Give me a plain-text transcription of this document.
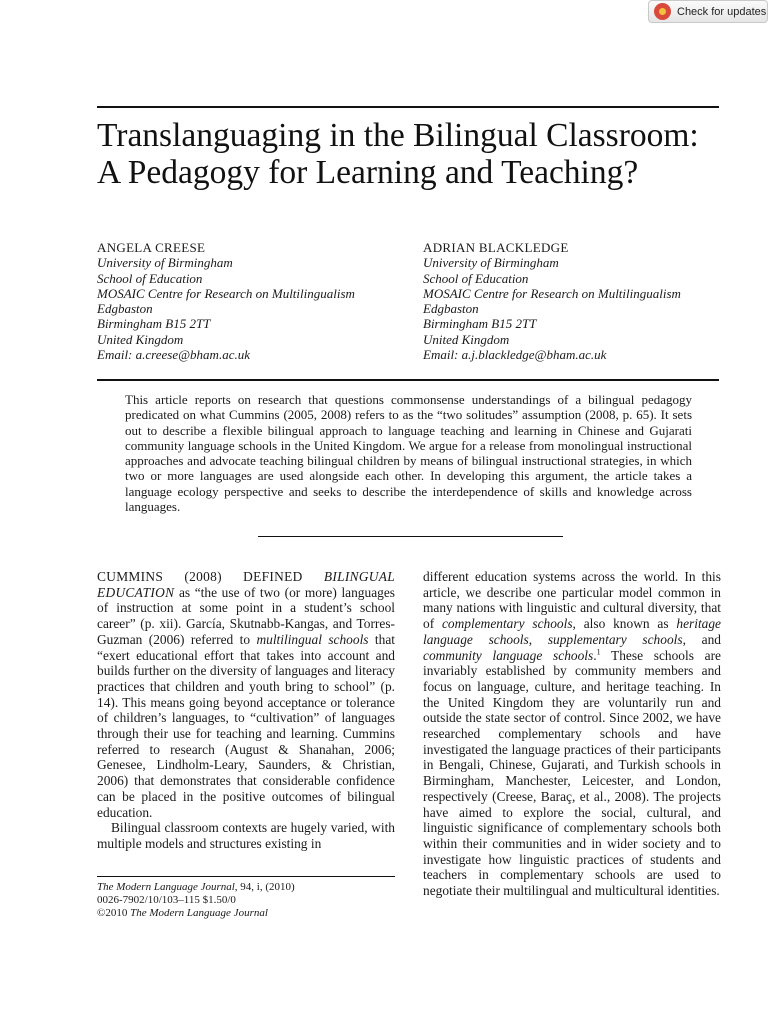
Check for updates
Translanguaging in the Bilingual Classroom: A Pedagogy for Learning and Teaching?
ANGELA CREESE
University of Birmingham
School of Education
MOSAIC Centre for Research on Multilingualism
Edgbaston
Birmingham B15 2TT
United Kingdom
Email: a.creese@bham.ac.uk
ADRIAN BLACKLEDGE
University of Birmingham
School of Education
MOSAIC Centre for Research on Multilingualism
Edgbaston
Birmingham B15 2TT
United Kingdom
Email: a.j.blackledge@bham.ac.uk

This article reports on research that questions commonsense understandings of a bilingual pedagogy predicated on what Cummins (2005, 2008) refers to as the “two solitudes” assumption (2008, p. 65). It sets out to describe a flexible bilingual approach to language teaching and learning in Chinese and Gujarati community language schools in the United Kingdom. We argue for a release from monolingual instructional approaches and advocate teaching bilingual children by means of bilingual instructional strategies, in which two or more languages are used alongside each other. In developing this argument, the article takes a language ecology perspective and seeks to describe the interdependence of skills and knowledge across languages.

CUMMINS (2008) DEFINED BILINGUAL EDUCATION as “the use of two (or more) languages of instruction at some point in a student’s school career” (p. xii). García, Skutnabb-Kangas, and Torres-Guzman (2006) referred to multilingual schools that “exert educational effort that takes into account and builds further on the diversity of languages and literacy practices that children and youth bring to school” (p. 14). This means going beyond acceptance or tolerance of children’s languages, to “cultivation” of languages through their use for teaching and learning. Cummins referred to research (August & Shanahan, 2006; Genesee, Lindholm-Leary, Saunders, & Christian, 2006) that demonstrates that considerable confidence can be placed in the positive outcomes of bilingual education.

Bilingual classroom contexts are hugely varied, with multiple models and structures existing in

different education systems across the world. In this article, we describe one particular model common in many nations with linguistic and cultural diversity, that of complementary schools, also known as heritage language schools, supplementary schools, and community language schools.$^1$ These schools are invariably established by community members and focus on language, culture, and heritage teaching. In the United Kingdom they are voluntarily run and outside the state sector of control. Since 2002, we have researched complementary schools and have investigated the language practices of their participants in Bengali, Chinese, Gujarati, and Turkish schools in Birmingham, Manchester, Leicester, and London, respectively (Creese, Baraç, et al., 2008). The projects have aimed to explore the social, cultural, and linguistic significance of complementary schools both within their communities and in wider society and to investigate how linguistic practices of students and teachers in complementary schools are used to negotiate their multilingual and multicultural identities.

The Modern Language Journal, 94, i, (2010)
0026-7902/10/103–115 $1.50/0
©2010 The Modern Language Journal
